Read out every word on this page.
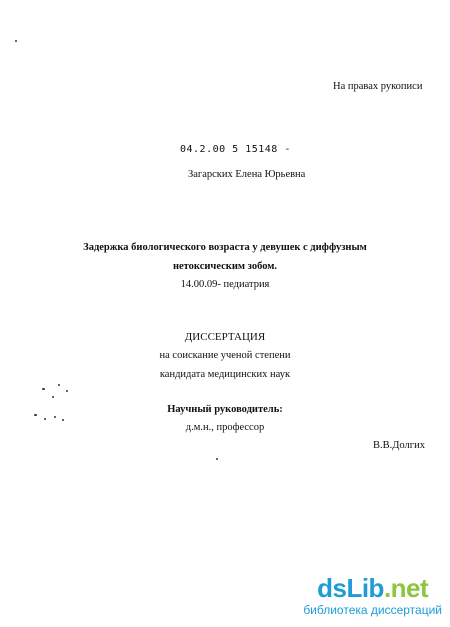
На правах рукописи
04.2.00 5 15148 -
Загарских Елена Юрьевна
Задержка биологического возраста у девушек с диффузным
нетоксическим зобом.
14.00.09- педиатрия
ДИССЕРТАЦИЯ
на соискание ученой степени
кандидата медицинских наук
Научный руководитель:
д.м.н., профессор
В.В.Долгих
dsLib.net
библиотека диссертаций
